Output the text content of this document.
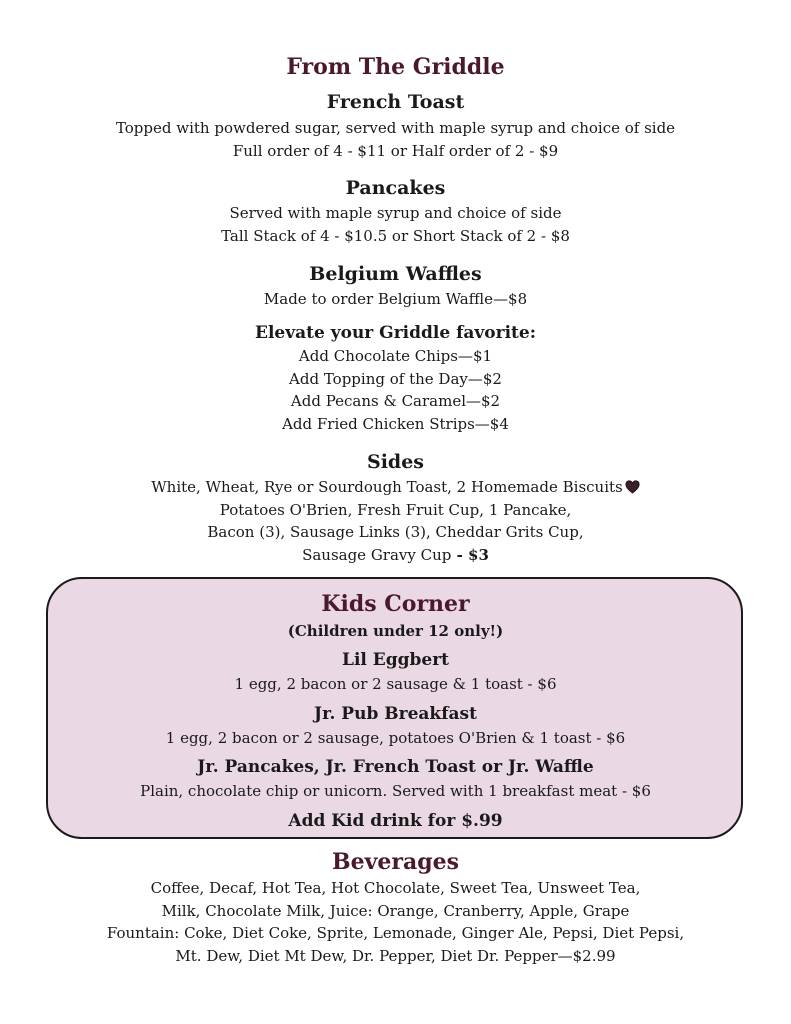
From The Griddle
French Toast
Topped with powdered sugar, served with maple syrup and choice of side
Full order of 4 - $11 or Half order of 2 - $9
Pancakes
Served with maple syrup and choice of side
Tall Stack of 4 - $10.5 or Short Stack of 2 - $8
Belgium Waffles
Made to order Belgium Waffle—$8
Elevate your Griddle favorite:
Add Chocolate Chips—$1
Add Topping of the Day—$2
Add Pecans & Caramel—$2
Add Fried Chicken Strips—$4
Sides
White, Wheat, Rye or Sourdough Toast, 2 Homemade Biscuits
Potatoes O'Brien, Fresh Fruit Cup, 1 Pancake,
Bacon (3), Sausage Links (3), Cheddar Grits Cup,
Sausage Gravy Cup - $3
Kids Corner
(Children under 12 only!)
Lil Eggbert
1 egg, 2 bacon or 2 sausage & 1 toast - $6
Jr. Pub Breakfast
1 egg, 2 bacon or 2 sausage, potatoes O'Brien & 1 toast - $6
Jr. Pancakes, Jr. French Toast or Jr. Waffle
Plain, chocolate chip or unicorn. Served with 1 breakfast meat - $6
Add Kid drink for $.99
Beverages
Coffee, Decaf, Hot Tea, Hot Chocolate, Sweet Tea, Unsweet Tea,
Milk, Chocolate Milk, Juice: Orange, Cranberry, Apple, Grape
Fountain: Coke, Diet Coke, Sprite, Lemonade, Ginger Ale, Pepsi, Diet Pepsi,
Mt. Dew, Diet Mt Dew, Dr. Pepper, Diet Dr. Pepper—$2.99
